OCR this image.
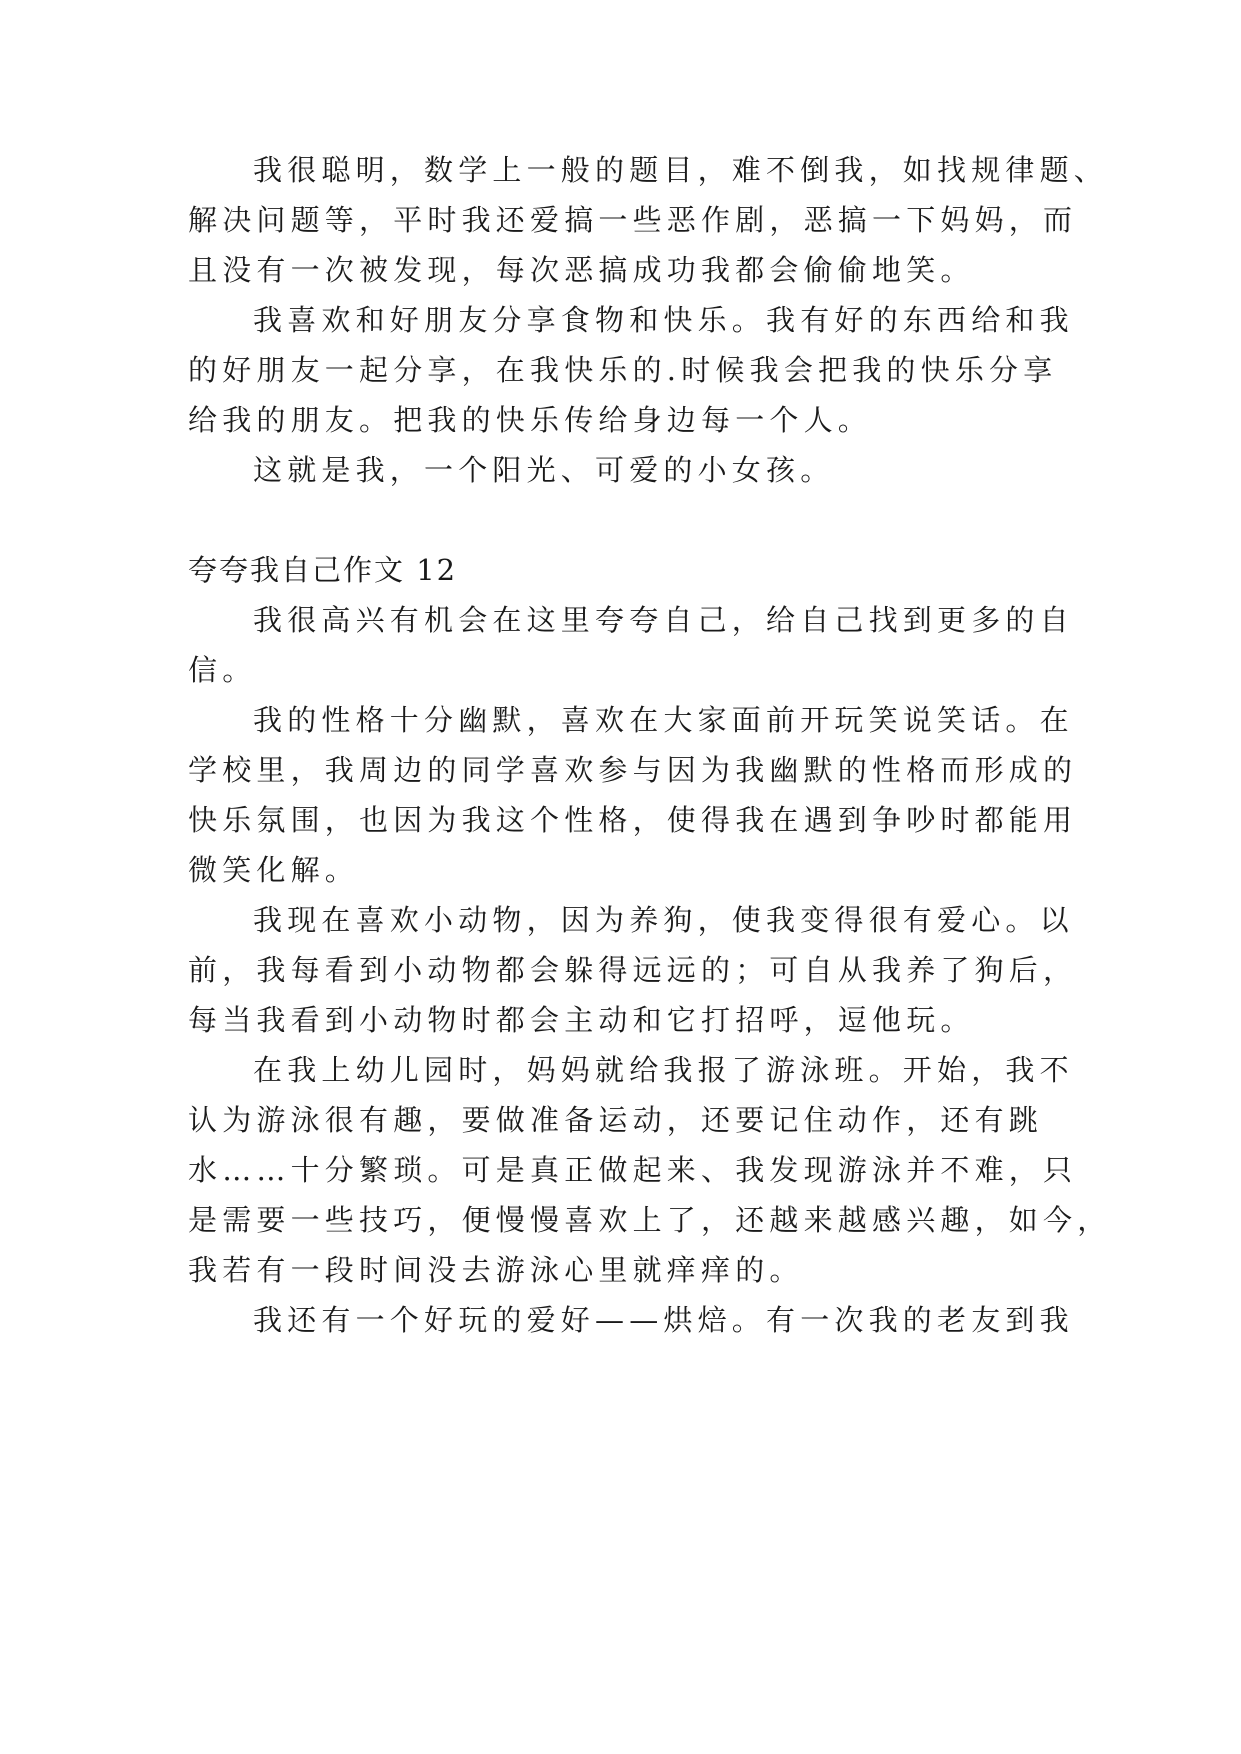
我很聪明，数学上一般的题目，难不倒我，如找规律题、
解决问题等，平时我还爱搞一些恶作剧，恶搞一下妈妈，而
且没有一次被发现，每次恶搞成功我都会偷偷地笑。
我喜欢和好朋友分享食物和快乐。我有好的东西给和我
的好朋友一起分享，在我快乐的.时候我会把我的快乐分享
给我的朋友。把我的快乐传给身边每一个人。
这就是我，一个阳光、可爱的小女孩。
夸夸我自己作文 12
我很高兴有机会在这里夸夸自己，给自己找到更多的自
信。
我的性格十分幽默，喜欢在大家面前开玩笑说笑话。在
学校里，我周边的同学喜欢参与因为我幽默的性格而形成的
快乐氛围，也因为我这个性格，使得我在遇到争吵时都能用
微笑化解。
我现在喜欢小动物，因为养狗，使我变得很有爱心。以
前，我每看到小动物都会躲得远远的；可自从我养了狗后，
每当我看到小动物时都会主动和它打招呼，逗他玩。
在我上幼儿园时，妈妈就给我报了游泳班。开始，我不
认为游泳很有趣，要做准备运动，还要记住动作，还有跳
水……十分繁琐。可是真正做起来、我发现游泳并不难，只
是需要一些技巧，便慢慢喜欢上了，还越来越感兴趣，如今，
我若有一段时间没去游泳心里就痒痒的。
我还有一个好玩的爱好——烘焙。有一次我的老友到我
